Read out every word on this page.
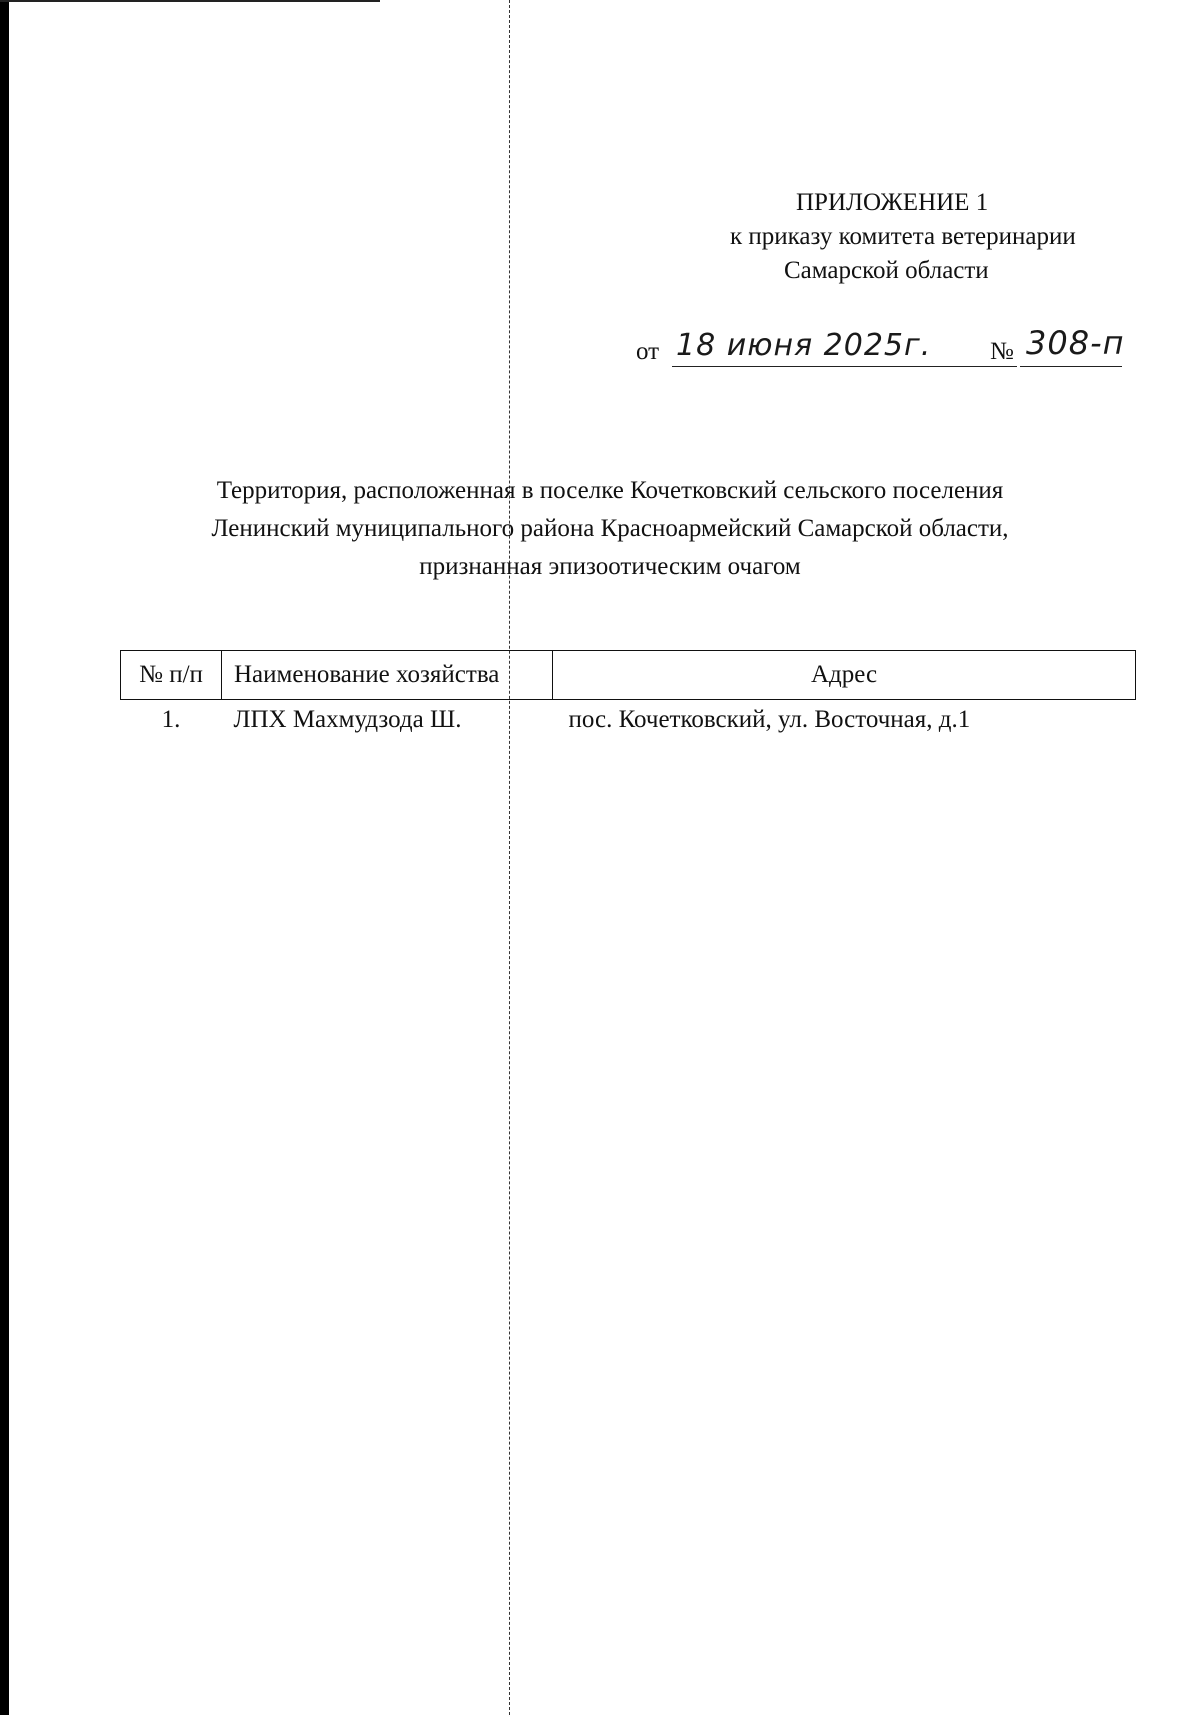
ПРИЛОЖЕНИЕ 1
к приказу комитета ветеринарии
Самарской области
от 18 июня 2025г. № 308-п
Территория, расположенная в поселке Кочетковский сельского поселения
Ленинский муниципального района Красноармейский Самарской области,
признанная эпизоотическим очагом
№ п/п	Наименование хозяйства	Адрес
1.	ЛПХ Махмудзода Ш.	пос. Кочетковский, ул. Восточная, д.1
